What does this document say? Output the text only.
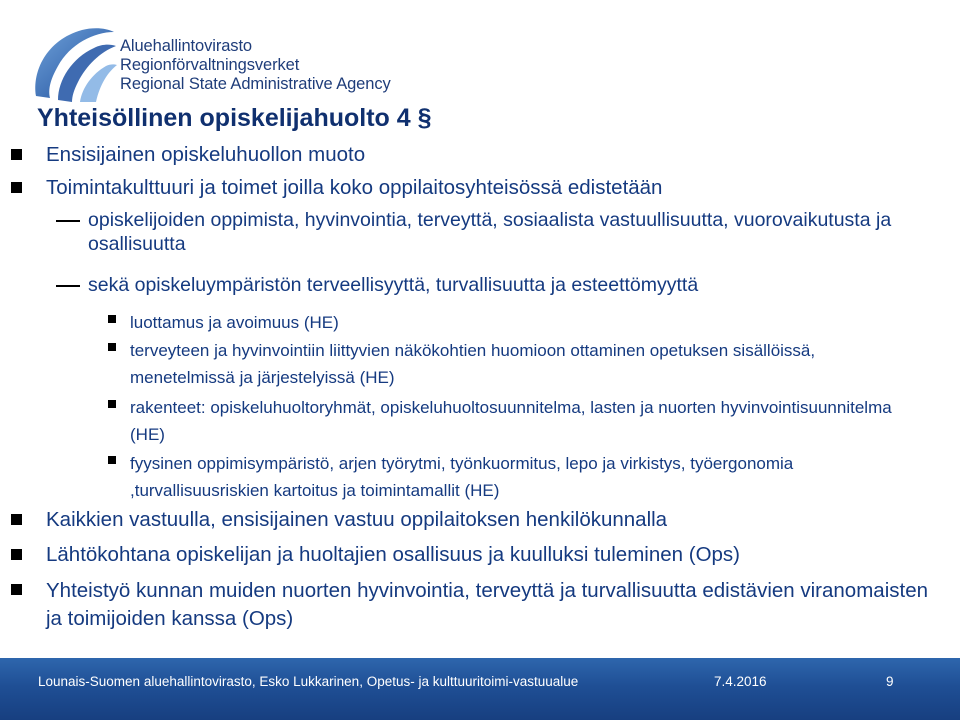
Aluehallintovirasto
Regionförvaltningsverket
Regional State Administrative Agency
Yhteisöllinen opiskelijahuolto 4 §

Ensisijainen opiskeluhuollon muoto

Toimintakulttuuri ja toimet joilla koko oppilaitosyhteisössä edistetään

opiskelijoiden oppimista, hyvinvointia, terveyttä, sosiaalista vastuullisuutta, vuorovaikutusta ja osallisuutta

sekä opiskeluympäristön terveellisyyttä, turvallisuutta ja esteettömyyttä

luottamus ja avoimuus (HE)

terveyteen ja hyvinvointiin liittyvien näkökohtien huomioon ottaminen opetuksen sisällöissä, menetelmissä ja järjestelyissä (HE)

rakenteet: opiskeluhuoltoryhmät, opiskeluhuoltosuunnitelma, lasten ja nuorten hyvinvointisuunnitelma (HE)

fyysinen oppimisympäristö, arjen työrytmi, työnkuormitus, lepo ja virkistys, työergonomia ,turvallisuusriskien kartoitus ja toimintamallit (HE)

Kaikkien vastuulla, ensisijainen vastuu oppilaitoksen henkilökunnalla

Lähtökohtana opiskelijan ja huoltajien osallisuus ja kuulluksi tuleminen (Ops)

Yhteistyö kunnan muiden nuorten hyvinvointia, terveyttä ja turvallisuutta edistävien viranomaisten ja toimijoiden kanssa (Ops)

Lounais-Suomen aluehallintovirasto, Esko Lukkarinen, Opetus- ja kulttuuritoimi-vastuualue	7.4.2016	9
